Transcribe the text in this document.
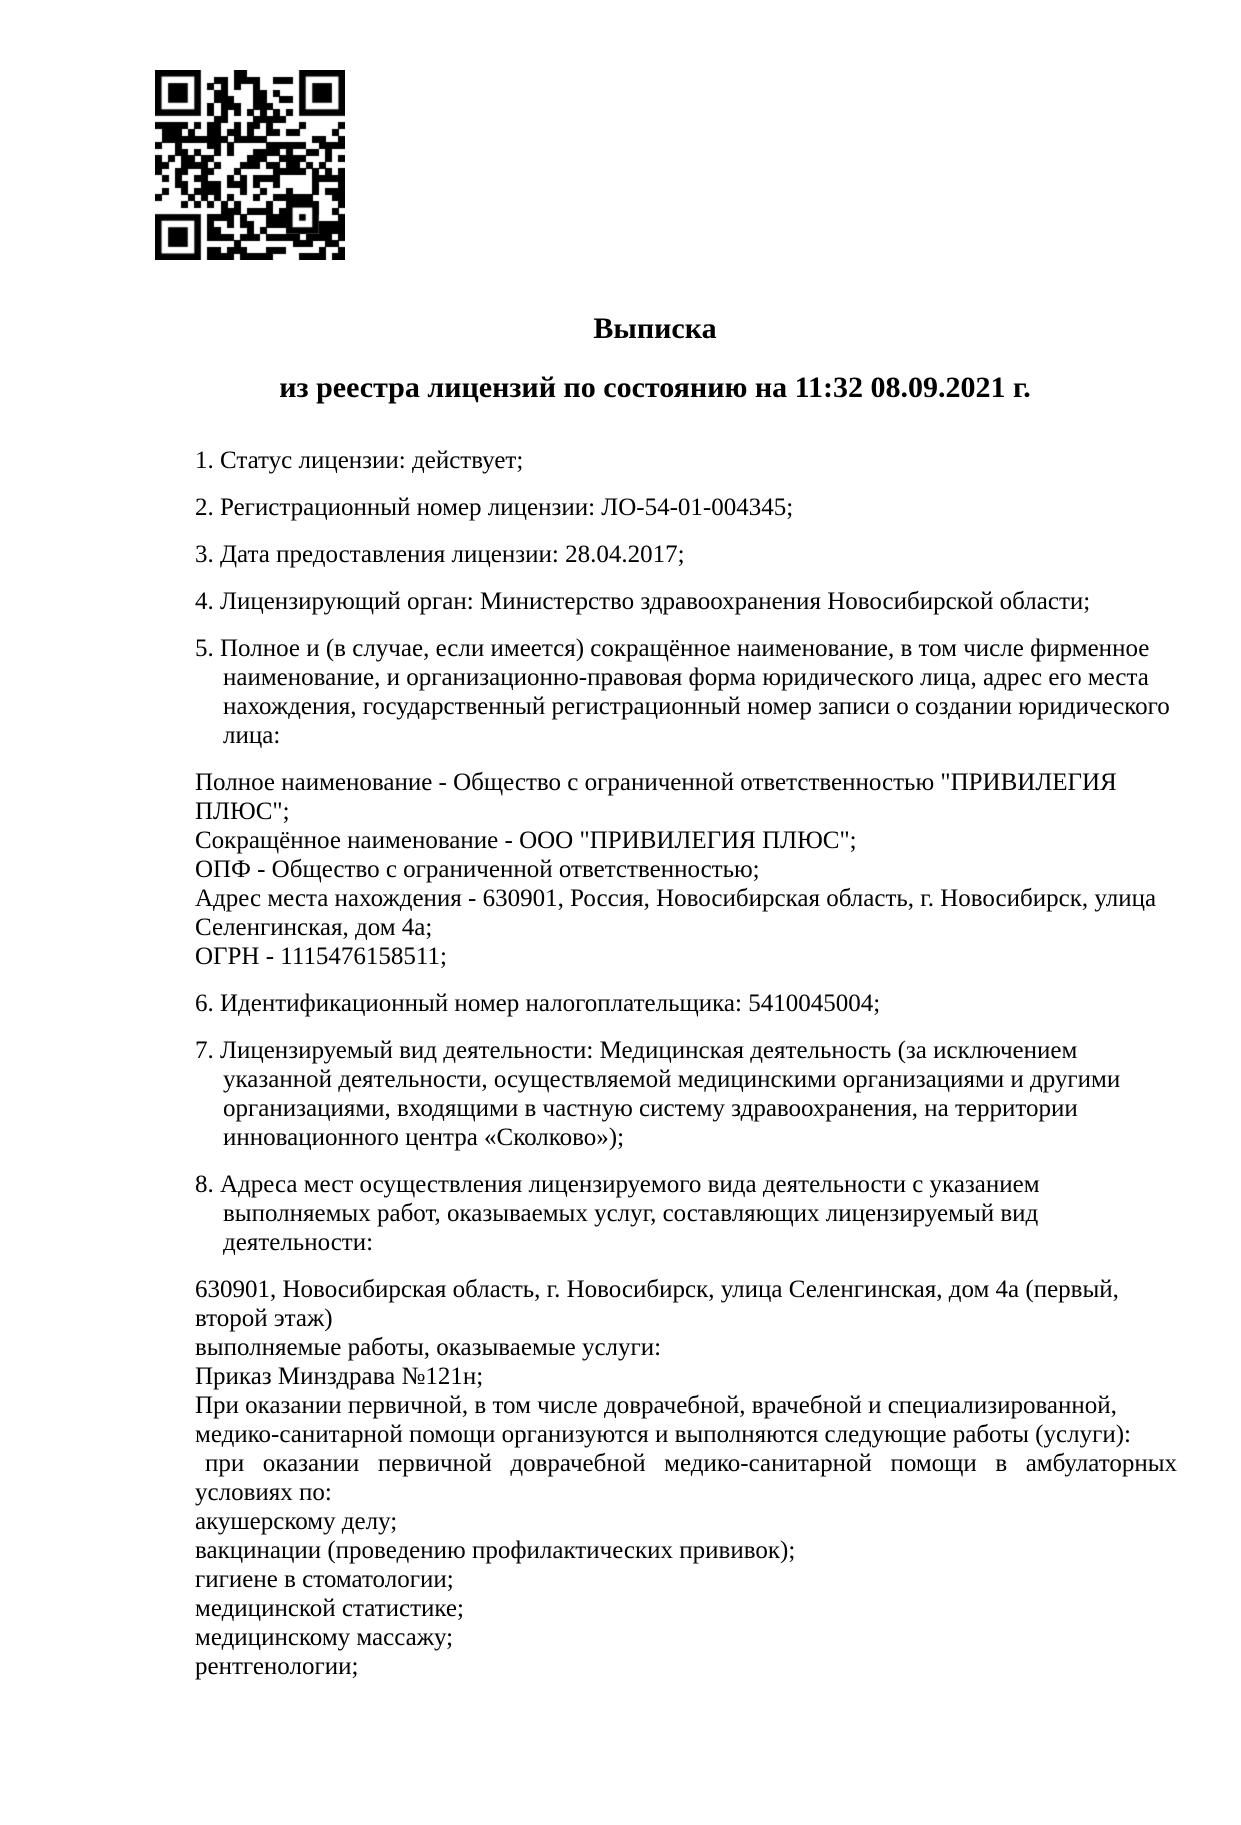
Выписка
из реестра лицензий по состоянию на 11:32 08.09.2021 г.

1. Статус лицензии: действует;

2. Регистрационный номер лицензии: ЛО-54-01-004345;

3. Дата предоставления лицензии: 28.04.2017;

4. Лицензирующий орган: Министерство здравоохранения Новосибирской области;

5. Полное и (в случае, если имеется) сокращённое наименование, в том числе фирменное наименование, и организационно-правовая форма юридического лица, адрес его места нахождения, государственный регистрационный номер записи о создании юридического лица:

Полное наименование - Общество с ограниченной ответственностью "ПРИВИЛЕГИЯ ПЛЮС";

Сокращённое наименование - ООО "ПРИВИЛЕГИЯ ПЛЮС";

ОПФ - Общество с ограниченной ответственностью;

Адрес места нахождения - 630901, Россия, Новосибирская область, г. Новосибирск, улица Селенгинская, дом 4а;

ОГРН - 1115476158511;

6. Идентификационный номер налогоплательщика: 5410045004;

7. Лицензируемый вид деятельности: Медицинская деятельность (за исключением указанной деятельности, осуществляемой медицинскими организациями и другими организациями, входящими в частную систему здравоохранения, на территории инновационного центра «Сколково»);

8. Адреса мест осуществления лицензируемого вида деятельности с указанием выполняемых работ, оказываемых услуг, составляющих лицензируемый вид деятельности:

630901, Новосибирская область, г. Новосибирск, улица Селенгинская, дом 4а (первый, второй этаж)

выполняемые работы, оказываемые услуги:

Приказ Минздрава №121н;

При оказании первичной, в том числе доврачебной, врачебной и специализированной, медико-санитарной помощи организуются и выполняются следующие работы (услуги):

при оказании первичной доврачебной медико-санитарной помощи в амбулаторных условиях по:

акушерскому делу;

вакцинации (проведению профилактических прививок);

гигиене в стоматологии;

медицинской статистике;

медицинскому массажу;

рентгенологии;
